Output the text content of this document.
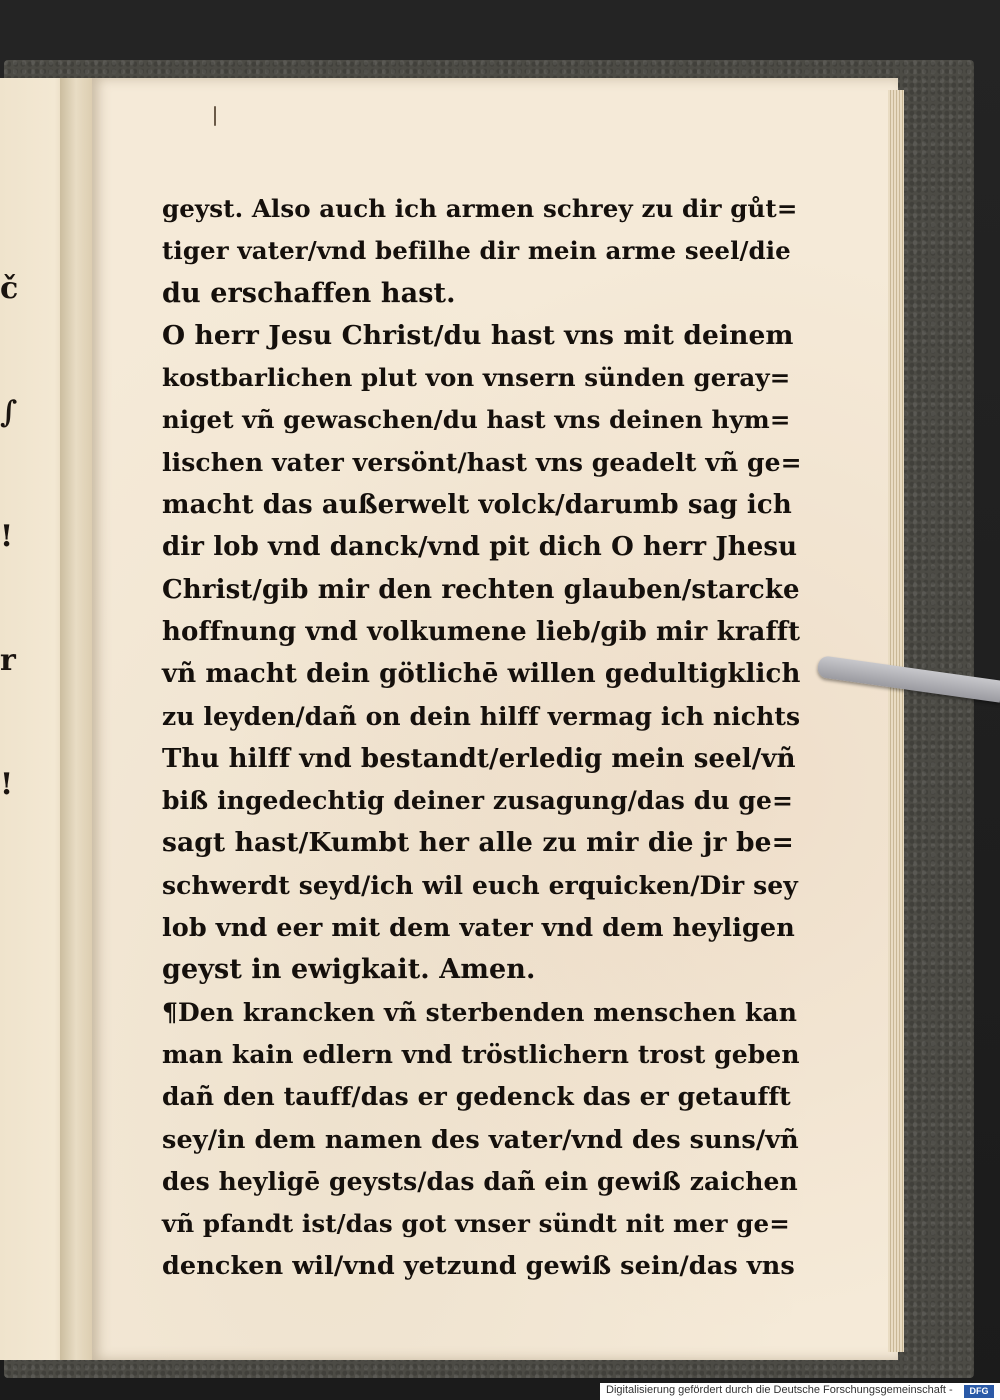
č

∫

!

r

!
geyst. Also auch ich armen schrey zu dir gůt=
tiger vater/vnd befilhe dir mein arme seel/die
du erschaffen hast.
O herr Jesu Christ/du hast vns mit deinem
kostbarlichen plut von vnsern sünden geray=
niget vñ gewaschen/du hast vns deinen hym=
lischen vater versönt/hast vns geadelt vñ ge=
macht das außerwelt volck/darumb sag ich
dir lob vnd danck/vnd pit dich O herr Jhesu
Christ/gib mir den rechten glauben/starcke
hoffnung vnd volkumene lieb/gib mir krafft
vñ macht dein götlichē willen gedultigklich
zu leyden/dañ on dein hilff vermag ich nichts
Thu hilff vnd bestandt/erledig mein seel/vñ
biß ingedechtig deiner zusagung/das du ge=
sagt hast/Kumbt her alle zu mir die jr be=
schwerdt seyd/ich wil euch erquicken/Dir sey
lob vnd eer mit dem vater vnd dem heyligen
geyst in ewigkait. Amen.
¶Den krancken vñ sterbenden menschen kan
man kain edlern vnd tröstlichern trost geben
dañ den tauff/das er gedenck das er getaufft
sey/in dem namen des vater/vnd des suns/vñ
des heyligē geysts/das dañ ein gewiß zaichen
vñ pfandt ist/das got vnser sündt nit mer ge=
dencken wil/vnd yetzund gewiß sein/das vns
Digitalisierung gefördert durch die Deutsche Forschungsgemeinschaft -	DFG
